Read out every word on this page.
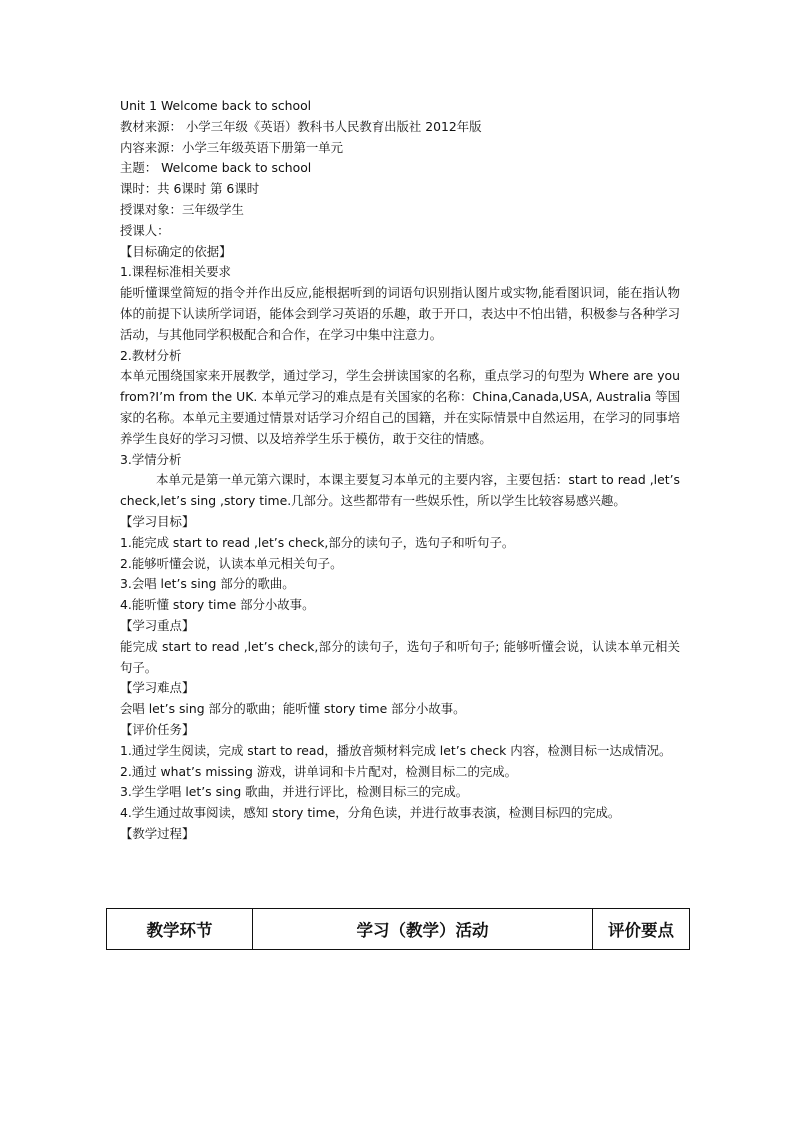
Unit 1 Welcome back to school

教材来源： 小学三年级《英语）教科书人民教育出版社 2012年版

内容来源：小学三年级英语下册第一单元

主题： Welcome back to school

课时：共 6课时 第 6课时

授课对象：三年级学生

授课人：

【目标确定的依据】

1.课程标准相关要求

能听懂课堂简短的指令并作出反应,能根据听到的词语句识别指认图片或实物,能看图识词，能在指认物体的前提下认读所学词语，能体会到学习英语的乐趣，敢于开口，表达中不怕出错，积极参与各种学习活动，与其他同学积极配合和合作，在学习中集中注意力。

2.教材分析

本单元围绕国家来开展教学，通过学习，学生会拼读国家的名称，重点学习的句型为 Where are you from?I’m from the UK. 本单元学习的难点是有关国家的名称：China,Canada,USA, Australia 等国家的名称。本单元主要通过情景对话学习介绍自己的国籍，并在实际情景中自然运用，在学习的同事培养学生良好的学习习惯、以及培养学生乐于模仿，敢于交往的情感。

3.学情分析

本单元是第一单元第六课时，本课主要复习本单元的主要内容，主要包括：start to read ,let’s check,let’s sing ,story time.几部分。这些都带有一些娱乐性，所以学生比较容易感兴趣。

【学习目标】

1.能完成 start to read ,let’s check,部分的读句子，选句子和听句子。

2.能够听懂会说，认读本单元相关句子。

3.会唱 let’s sing 部分的歌曲。

4.能听懂 story time 部分小故事。

【学习重点】

能完成 start to read ,let’s check,部分的读句子，选句子和听句子; 能够听懂会说，认读本单元相关句子。

【学习难点】

会唱 let’s sing 部分的歌曲；能听懂 story time 部分小故事。

【评价任务】

1.通过学生阅读，完成 start to read，播放音频材料完成 let’s check 内容，检测目标一达成情况。

2.通过 what’s missing 游戏，讲单词和卡片配对，检测目标二的完成。

3.学生学唱 let’s sing 歌曲，并进行评比，检测目标三的完成。

4.学生通过故事阅读，感知 story time，分角色读，并进行故事表演，检测目标四的完成。

【教学过程】

教学环节	学习（教学）活动	评价要点
